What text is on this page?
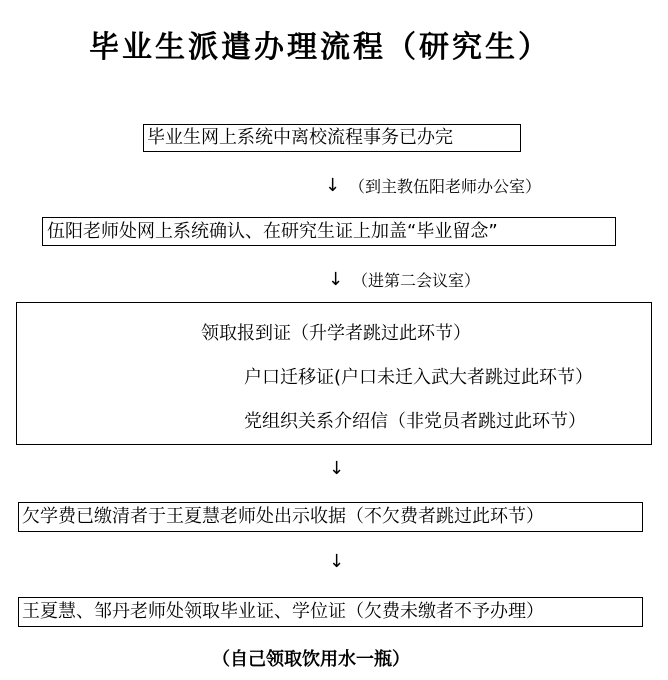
毕业生派遣办理流程（研究生）
毕业生网上系统中离校流程事务已办完
↓ （到主教伍阳老师办公室）
伍阳老师处网上系统确认、在研究生证上加盖“毕业留念”
↓ （进第二会议室）
领取报到证（升学者跳过此环节）
户口迁移证(户口未迁入武大者跳过此环节）
党组织关系介绍信（非党员者跳过此环节）
↓
欠学费已缴清者于王夏慧老师处出示收据（不欠费者跳过此环节）
↓
王夏慧、邹丹老师处领取毕业证、学位证（欠费未缴者不予办理）
（自己领取饮用水一瓶）
